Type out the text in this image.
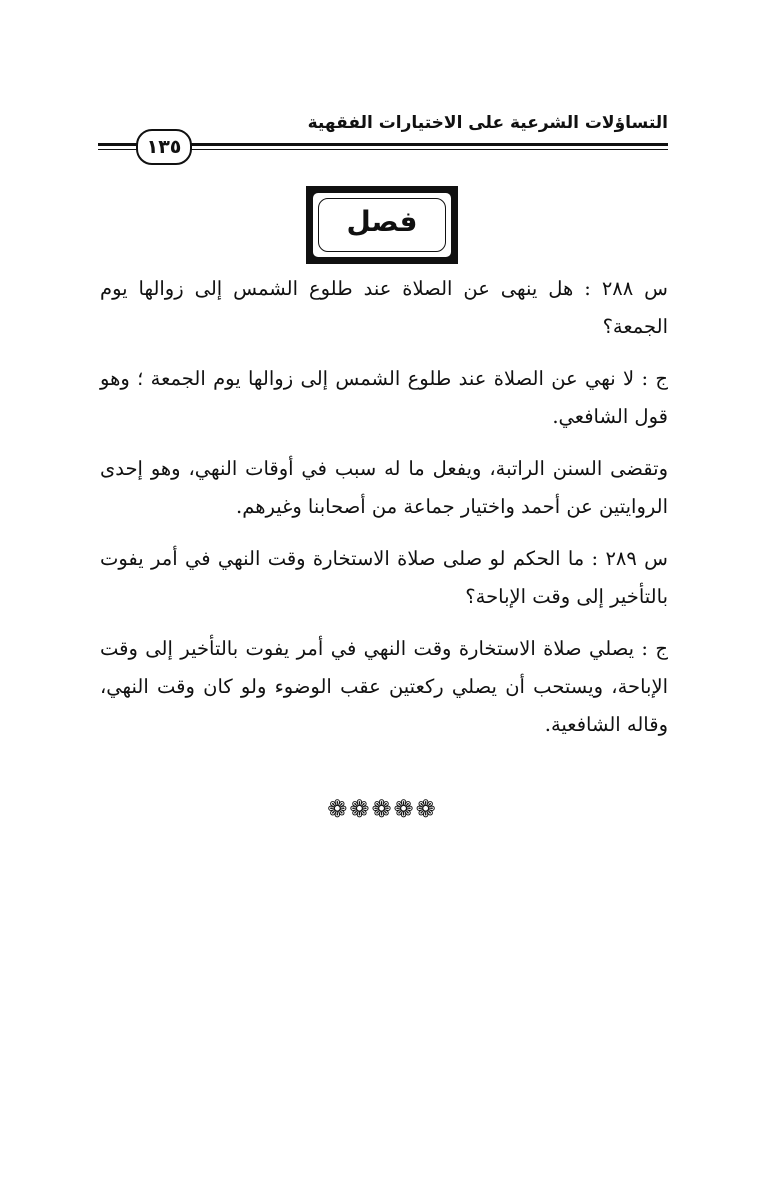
التساؤلات الشرعية على الاختيارات الفقهية
١٣٥
فصل

س ٢٨٨ : هل ينهى عن الصلاة عند طلوع الشمس إلى زوالها يوم الجمعة؟

ج : لا نهي عن الصلاة عند طلوع الشمس إلى زوالها يوم الجمعة ؛ وهو قول الشافعي.

وتقضى السنن الراتبة، ويفعل ما له سبب في أوقات النهي، وهو إحدى الروايتين عن أحمد واختيار جماعة من أصحابنا وغيرهم.

س ٢٨٩ : ما الحكم لو صلى صلاة الاستخارة وقت النهي في أمر يفوت بالتأخير إلى وقت الإباحة؟

ج : يصلي صلاة الاستخارة وقت النهي في أمر يفوت بالتأخير إلى وقت الإباحة، ويستحب أن يصلي ركعتين عقب الوضوء ولو كان وقت النهي، وقاله الشافعية.

❁❁❁❁❁
